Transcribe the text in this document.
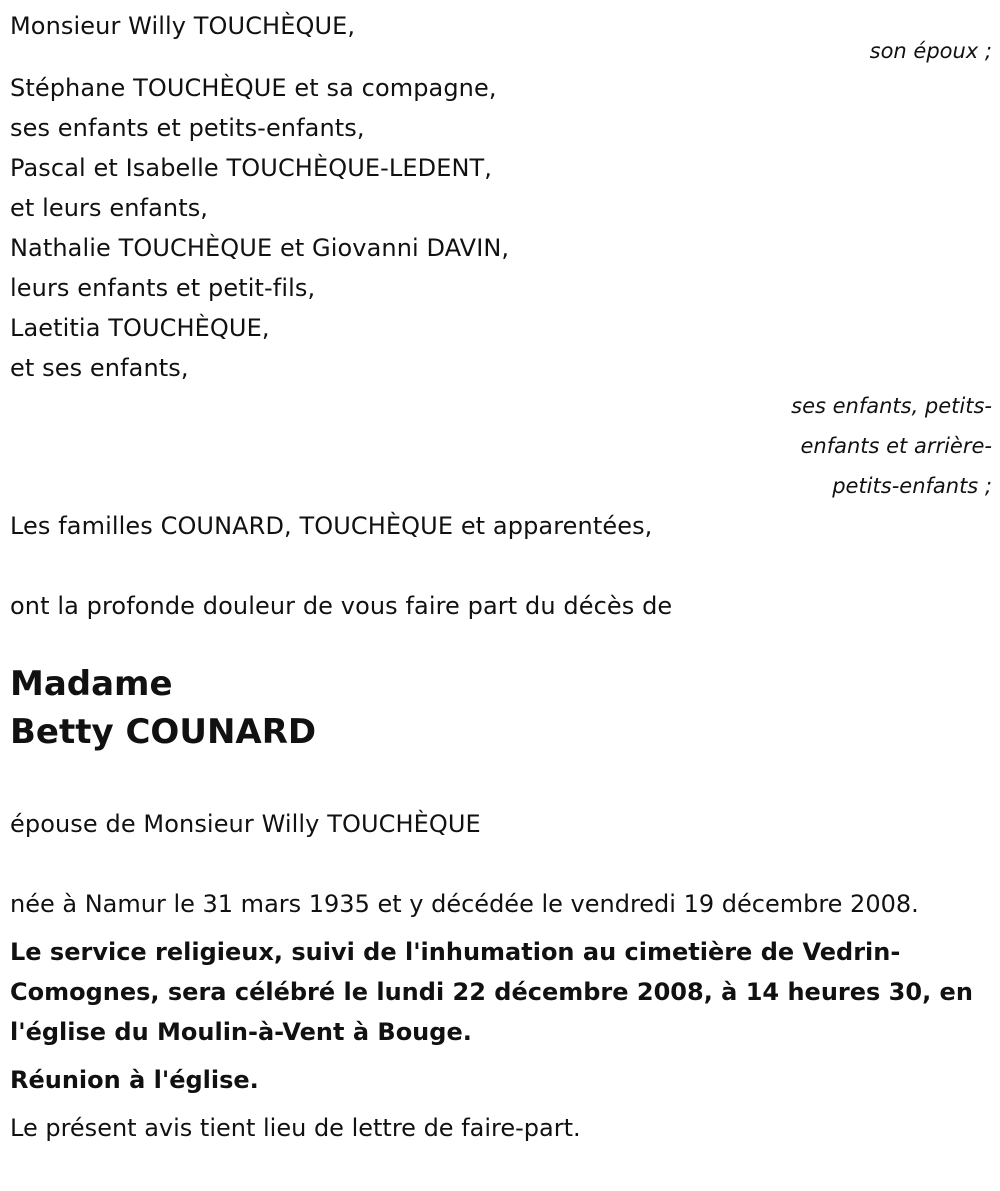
Monsieur Willy TOUCHÈQUE,
son époux ;
Stéphane TOUCHÈQUE et sa compagne,
ses enfants et petits-enfants,
Pascal et Isabelle TOUCHÈQUE-LEDENT,
et leurs enfants,
Nathalie TOUCHÈQUE et Giovanni DAVIN,
leurs enfants et petit-fils,
Laetitia TOUCHÈQUE,
et ses enfants,
ses enfants, petits-
enfants et arrière-
petits-enfants ;
Les familles COUNARD, TOUCHÈQUE et apparentées,
ont la profonde douleur de vous faire part du décès de
Madame
Betty COUNARD
épouse de Monsieur Willy TOUCHÈQUE
née à Namur le 31 mars 1935 et y décédée le vendredi 19 décembre 2008.
Le service religieux, suivi de l'inhumation au cimetière de Vedrin-Comognes, sera célébré le lundi 22 décembre 2008, à 14 heures 30, en l'église du Moulin-à-Vent à Bouge.
Réunion à l'église.
Le présent avis tient lieu de lettre de faire-part.
